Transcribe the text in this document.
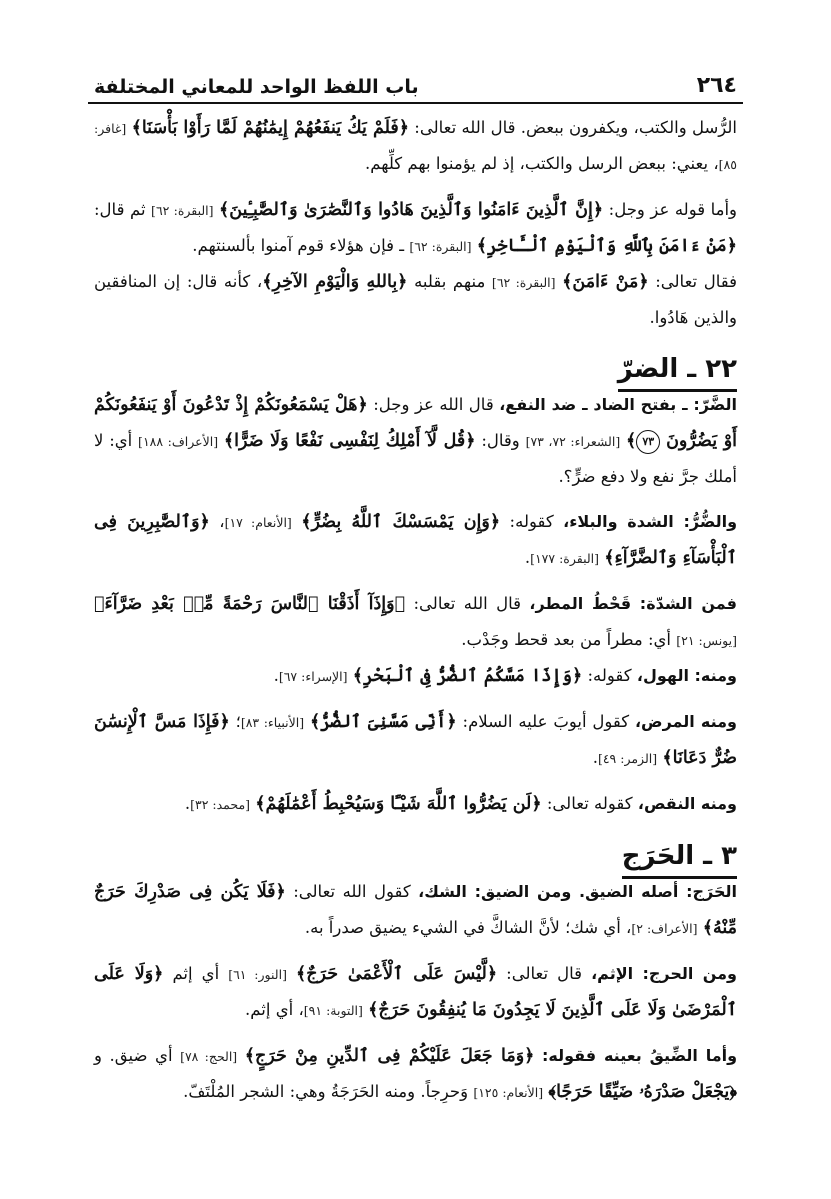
٢٦٤
باب اللفظ الواحد للمعاني المختلفة

الرُّسل والكتب، ويكفرون ببعض. قال الله تعالى: ﴿فَلَمْ يَكُ يَنفَعُهُمْ إِيمَٰنُهُمْ لَمَّا رَأَوْا بَأْسَنَا﴾ [غافر: ٨٥]، يعني: ببعض الرسل والكتب، إذ لم يؤمنوا بهم كلِّهم.

وأما قوله عز وجل: ﴿إِنَّ ٱلَّذِينَ ءَامَنُوا وَٱلَّذِينَ هَادُوا وَٱلنَّصَٰرَىٰ وَٱلصَّٰبِـِٔينَ﴾ [البقرة: ٦٢] ثم قال: ﴿مَنْ ءَامَنَ بِٱللَّهِ وَٱلْيَوْمِ ٱلْـَٔاخِرِ﴾ [البقرة: ٦٢] ـ فإن هؤلاء قوم آمنوا بألسنتهم.

فقال تعالى: ﴿مَنْ ءَامَنَ﴾ [البقرة: ٦٢] منهم بقلبه ﴿بِاللهِ وَالْيَوْمِ الآخِرِ﴾، كأنه قال: إن المنافقين والذين هَادُوا.

٢٢ ـ الضرّ

الضَّرّ: ـ بفتح الضاد ـ ضد النفع، قال الله عز وجل: ﴿هَلْ يَسْمَعُونَكُمْ إِذْ تَدْعُونَ أَوْ يَنفَعُونَكُمْ أَوْ يَضُرُّونَ ٧٣﴾ [الشعراء: ٧٢، ٧٣] وقال: ﴿قُل لَّآ أَمْلِكُ لِنَفْسِى نَفْعًا وَلَا ضَرًّا﴾ [الأعراف: ١٨٨] أي: لا أملك جرَّ نفع ولا دفع ضرٍّ؟.

والضُّرُّ: الشدة والبلاء، كقوله: ﴿وَإِن يَمْسَسْكَ ٱللَّهُ بِضُرٍّ﴾ [الأنعام: ١٧]، ﴿وَٱلصَّٰبِرِينَ فِى ٱلْبَأْسَآءِ وَٱلضَّرَّآءِ﴾ [البقرة: ١٧٧].

فمن الشدّة: قَحْطُ المطر، قال الله تعالى: ﴿وَإِذَآ أَذَقْنَا ٱلنَّاسَ رَحْمَةً مِّنۢ بَعْدِ ضَرَّآءَ﴾ [يونس: ٢١] أي: مطراً من بعد قحط وجَدْب.

ومنه: الهول، كقوله: ﴿وَإِذَا مَسَّكُمُ ٱلضُّرُّ فِى ٱلْبَحْرِ﴾ [الإسراء: ٦٧].

ومنه المرض، كقول أيوبَ عليه السلام: ﴿أَنِّى مَسَّنِىَ ٱلضُّرُّ﴾ [الأنبياء: ٨٣]؛ ﴿فَإِذَا مَسَّ ٱلْإِنسَٰنَ ضُرٌّ دَعَانَا﴾ [الزمر: ٤٩].

ومنه النقص، كقوله تعالى: ﴿لَن يَضُرُّوا ٱللَّهَ شَيْـًٔا وَسَيُحْبِطُ أَعْمَٰلَهُمْ﴾ [محمد: ٣٢].

٣ ـ الحَرَج

الحَرَج: أصله الضيق. ومن الضيق: الشك، كقول الله تعالى: ﴿فَلَا يَكُن فِى صَدْرِكَ حَرَجٌ مِّنْهُ﴾ [الأعراف: ٢]، أي شك؛ لأنَّ الشاكَّ في الشيء يضيق صدراً به.

ومن الحرج: الإثم، قال تعالى: ﴿لَّيْسَ عَلَى ٱلْأَعْمَىٰ حَرَجٌ﴾ [النور: ٦١] أي إثم ﴿وَلَا عَلَى ٱلْمَرْضَىٰ وَلَا عَلَى ٱلَّذِينَ لَا يَجِدُونَ مَا يُنفِقُونَ حَرَجٌ﴾ [التوبة: ٩١]، أي إثم.

وأما الضِّيقُ بعينه فقوله: ﴿وَمَا جَعَلَ عَلَيْكُمْ فِى ٱلدِّينِ مِنْ حَرَجٍ﴾ [الحج: ٧٨] أي ضيق. و ﴿يَجْعَلْ صَدْرَهُۥ ضَيِّقًا حَرَجًا﴾ [الأنعام: ١٢٥] وَحرِجاً. ومنه الحَرَجَةُ وهي: الشجر المُلْتَفّ.
